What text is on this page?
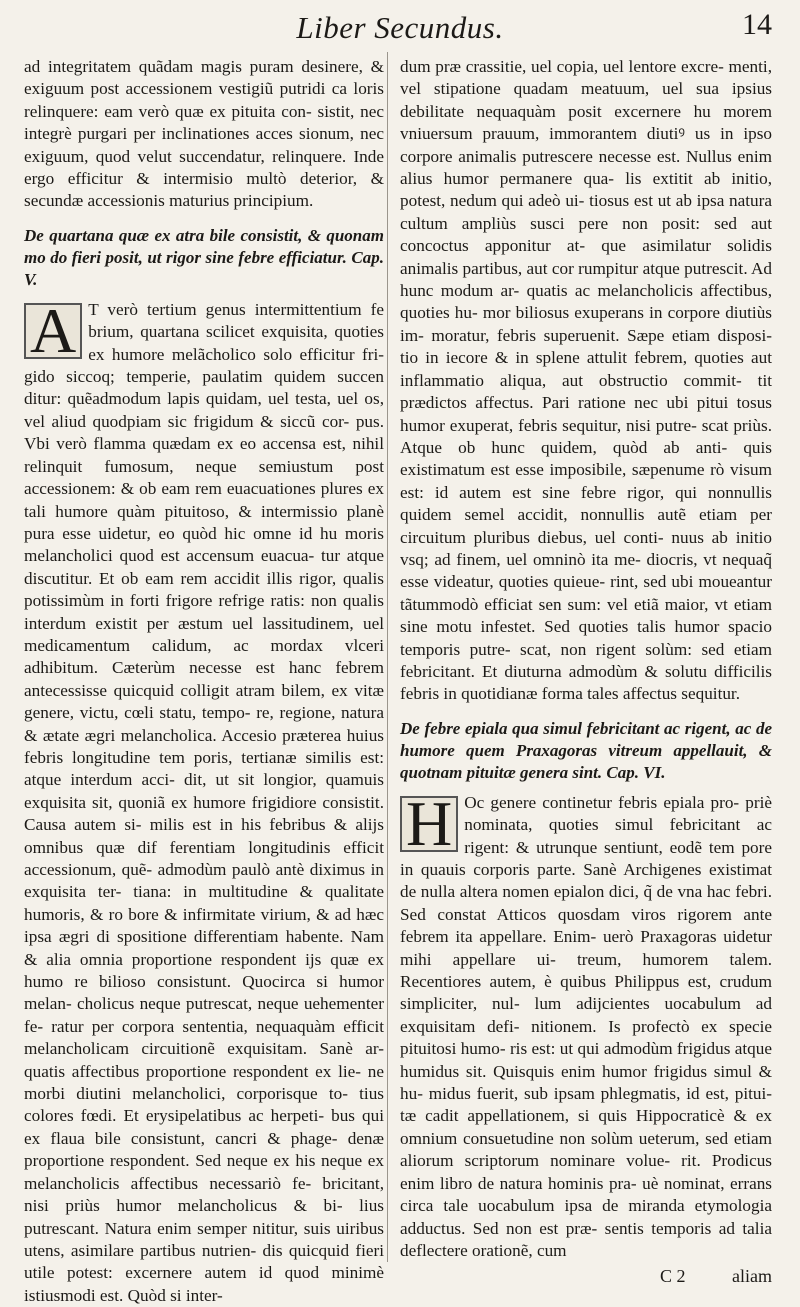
Liber Secundus.	14

ad integritatem quãdam magis puram desinere, & exiguum post accessionem vestigiũ putridi ca loris relinquere: eam verò quæ ex pituita con- sistit, nec integrè purgari per inclinationes acces sionum, nec exiguum, quod velut succendatur, relinquere. Inde ergo efficitur & intermisio multò deterior, & secundæ accessionis maturius principium.

De quartana quæ ex atra bile consistit, & quonam mo do fieri posit, ut rigor sine febre efficiatur. Cap. V.

A T verò tertium genus intermittentium fe brium, quartana scilicet exquisita, quoties ex humore melãcholico solo efficitur fri- gido siccoq; temperie, paulatim quidem succen ditur: quẽadmodum lapis quidam, uel testa, uel os, vel aliud quodpiam sic frigidum & siccũ cor- pus. Vbi verò flamma quædam ex eo accensa est, nihil relinquit fumosum, neque semiustum post accessionem: & ob eam rem euacuationes plures ex tali humore quàm pituitoso, & intermissio planè pura esse uidetur, eo quòd hic omne id hu moris melancholici quod est accensum euacua- tur atque discutitur. Et ob eam rem accidit illis rigor, qualis potissimùm in forti frigore refrige ratis: non qualis interdum existit per æstum uel lassitudinem, uel medicamentum calidum, ac mordax vlceri adhibitum. Cæterùm necesse est hanc febrem antecessisse quicquid colligit atram bilem, ex vitæ genere, victu, cœli statu, tempo- re, regione, natura & ætate ægri melancholica. Accesio præterea huius febris longitudine tem poris, tertianæ similis est: atque interdum acci- dit, ut sit longior, quamuis exquisita sit, quoniã ex humore frigidiore consistit. Causa autem si- milis est in his febribus & alijs omnibus quæ dif ferentiam longitudinis efficit accessionum, quẽ- admodùm paulò antè diximus in exquisita ter- tiana: in multitudine & qualitate humoris, & ro bore & infirmitate virium, & ad hæc ipsa ægri di spositione differentiam habente. Nam & alia omnia proportione respondent ijs quæ ex humo re bilioso consistunt. Quocirca si humor melan- cholicus neque putrescat, neque uehementer fe- ratur per corpora sententia, nequaquàm efficit melancholicam circuitionẽ exquisitam. Sanè ar- quatis affectibus proportione respondent ex lie- ne morbi diutini melancholici, corporisque to- tius colores fœdi. Et erysipelatibus ac herpeti- bus qui ex flaua bile consistunt, cancri & phage- denæ proportione respondent. Sed neque ex his neque ex melancholicis affectibus necessariò fe- bricitant, nisi priùs humor melancholicus & bi- lius putrescant. Natura enim semper nititur, suis uiribus utens, asimilare partibus nutrien- dis quicquid fieri utile potest: excernere autem id quod minimè istiusmodi est. Quòd si inter-

dum præ crassitie, uel copia, uel lentore excre- menti, vel stipatione quadam meatuum, uel sua ipsius debilitate nequaquàm posit excernere hu morem vniuersum prauum, immorantem diutiꝰ us in ipso corpore animalis putrescere necesse est. Nullus enim alius humor permanere qua- lis extitit ab initio, potest, nedum qui adeò ui- tiosus est ut ab ipsa natura cultum ampliùs susci pere non posit: sed aut concoctus apponitur at- que asimilatur solidis animalis partibus, aut cor rumpitur atque putrescit. Ad hunc modum ar- quatis ac melancholicis affectibus, quoties hu- mor biliosus exuperans in corpore diutiùs im- moratur, febris superuenit. Sæpe etiam disposi- tio in iecore & in splene attulit febrem, quoties aut inflammatio aliqua, aut obstructio commit- tit prædictos affectus. Pari ratione nec ubi pitui tosus humor exuperat, febris sequitur, nisi putre- scat priùs. Atque ob hunc quidem, quòd ab anti- quis existimatum est esse imposibile, sæpenume rò visum est: id autem est sine febre rigor, qui nonnullis quidem semel accidit, nonnullis autẽ etiam per circuitum pluribus diebus, uel conti- nuus ab initio vsq; ad finem, uel omninò ita me- diocris, vt nequaq̃ esse videatur, quoties quieue- rint, sed ubi moueantur tãtummodò efficiat sen sum: vel etiã maior, vt etiam sine motu infestet. Sed quoties talis humor spacio temporis putre- scat, non rigent solùm: sed etiam febricitant. Et diuturna admodùm & solutu difficilis febris in quotidianæ forma tales affectus sequitur.

De febre epiala qua simul febricitant ac rigent, ac de humore quem Praxagoras vitreum appellauit, & quotnam pituitæ genera sint. Cap. VI.

H Oc genere continetur febris epiala pro- priè nominata, quoties simul febricitant ac rigent: & utrunque sentiunt, eodẽ tem pore in quauis corporis parte. Sanè Archigenes existimat de nulla altera nomen epialon dici, q̃ de vna hac febri. Sed constat Atticos quosdam viros rigorem ante febrem ita appellare. Enim- uerò Praxagoras uidetur mihi appellare ui- treum, humorem talem. Recentiores autem, è quibus Philippus est, crudum simpliciter, nul- lum adijcientes uocabulum ad exquisitam defi- nitionem. Is profectò ex specie pituitosi humo- ris est: ut qui admodùm frigidus atque humidus sit. Quisquis enim humor frigidus simul & hu- midus fuerit, sub ipsam phlegmatis, id est, pitui- tæ cadit appellationem, si quis Hippocraticè & ex omnium consuetudine non solùm ueterum, sed etiam aliorum scriptorum nominare volue- rit. Prodicus enim libro de natura hominis pra- uè nominat, errans circa tale uocabulum ipsa de miranda etymologia adductus. Sed non est præ- sentis temporis ad talia deflectere orationẽ, cum

C 2	aliam
